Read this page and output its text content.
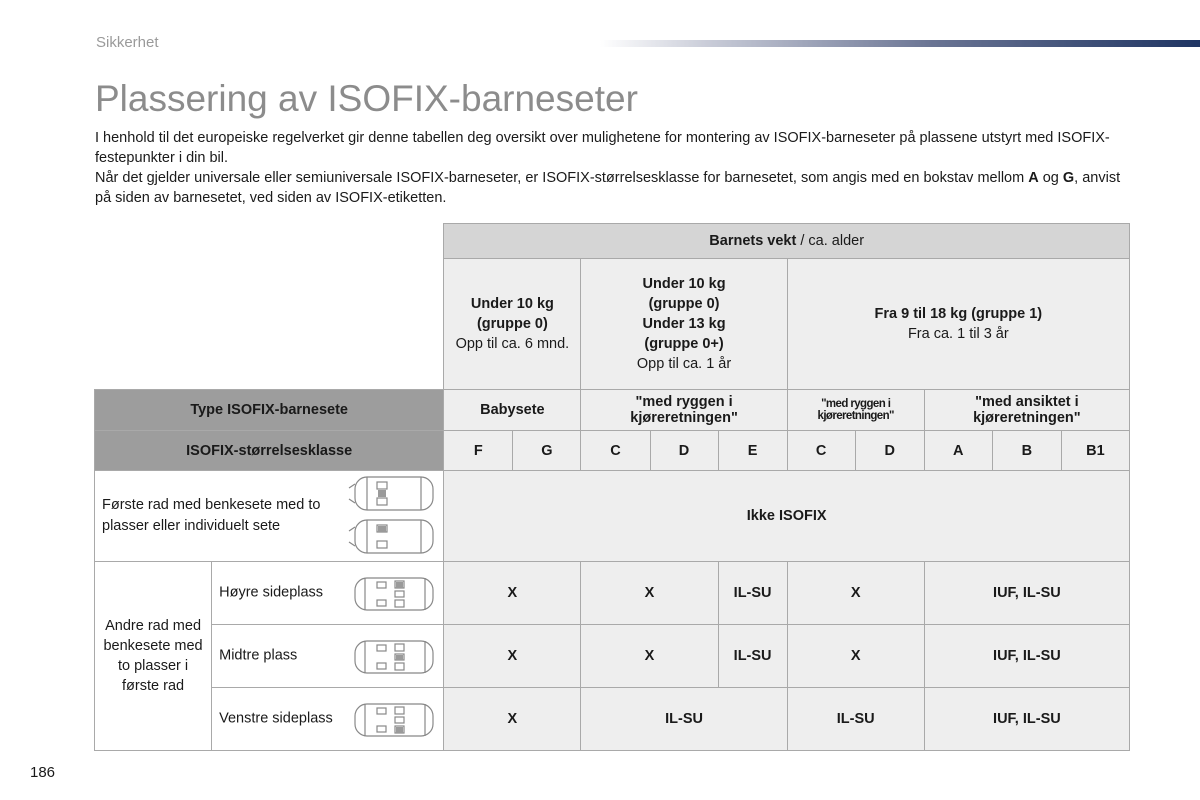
Sikkerhet
Plassering av ISOFIX-barneseter

I henhold til det europeiske regelverket gir denne tabellen deg oversikt over mulighetene for montering av ISOFIX-barneseter på plassene utstyrt med ISOFIX-festepunkter i din bil.

Når det gjelder universale eller semiuniversale ISOFIX-barneseter, er ISOFIX-størrelsesklasse for barnesetet, som angis med en bokstav mellom A og G, anvist på siden av barnesetet, ved siden av ISOFIX-etiketten.

		Barnets vekt / ca. alder									

		Under 10 kg
(gruppe 0)
Opp til ca. 6 mnd.		Under 10 kg
(gruppe 0)
Under 13 kg
(gruppe 0+)
Opp til ca. 1 år			Fra 9 til 18 kg (gruppe 1)
Fra ca. 1 til 3 år				

Type ISOFIX-barnesete		Babysete		"med ryggen i kjøreretningen"			"med ryggen i kjøreretningen"		"med ansiktet i kjøreretningen"		
ISOFIX-størrelsesklasse		F	G	C	D	E	C	D	A	B	B1

Første rad med benkesete med to plasser eller individuelt sete		Ikke ISOFIX									

Andre rad med benkesete med to plasser i første rad	Høyre sideplass	X		X		IL-SU	X		IUF, IL-SU		

	Midtre plass	X		X		IL-SU	X		IUF, IL-SU		

	Venstre sideplass	X		IL-SU			IL-SU		IUF, IL-SU		
186
